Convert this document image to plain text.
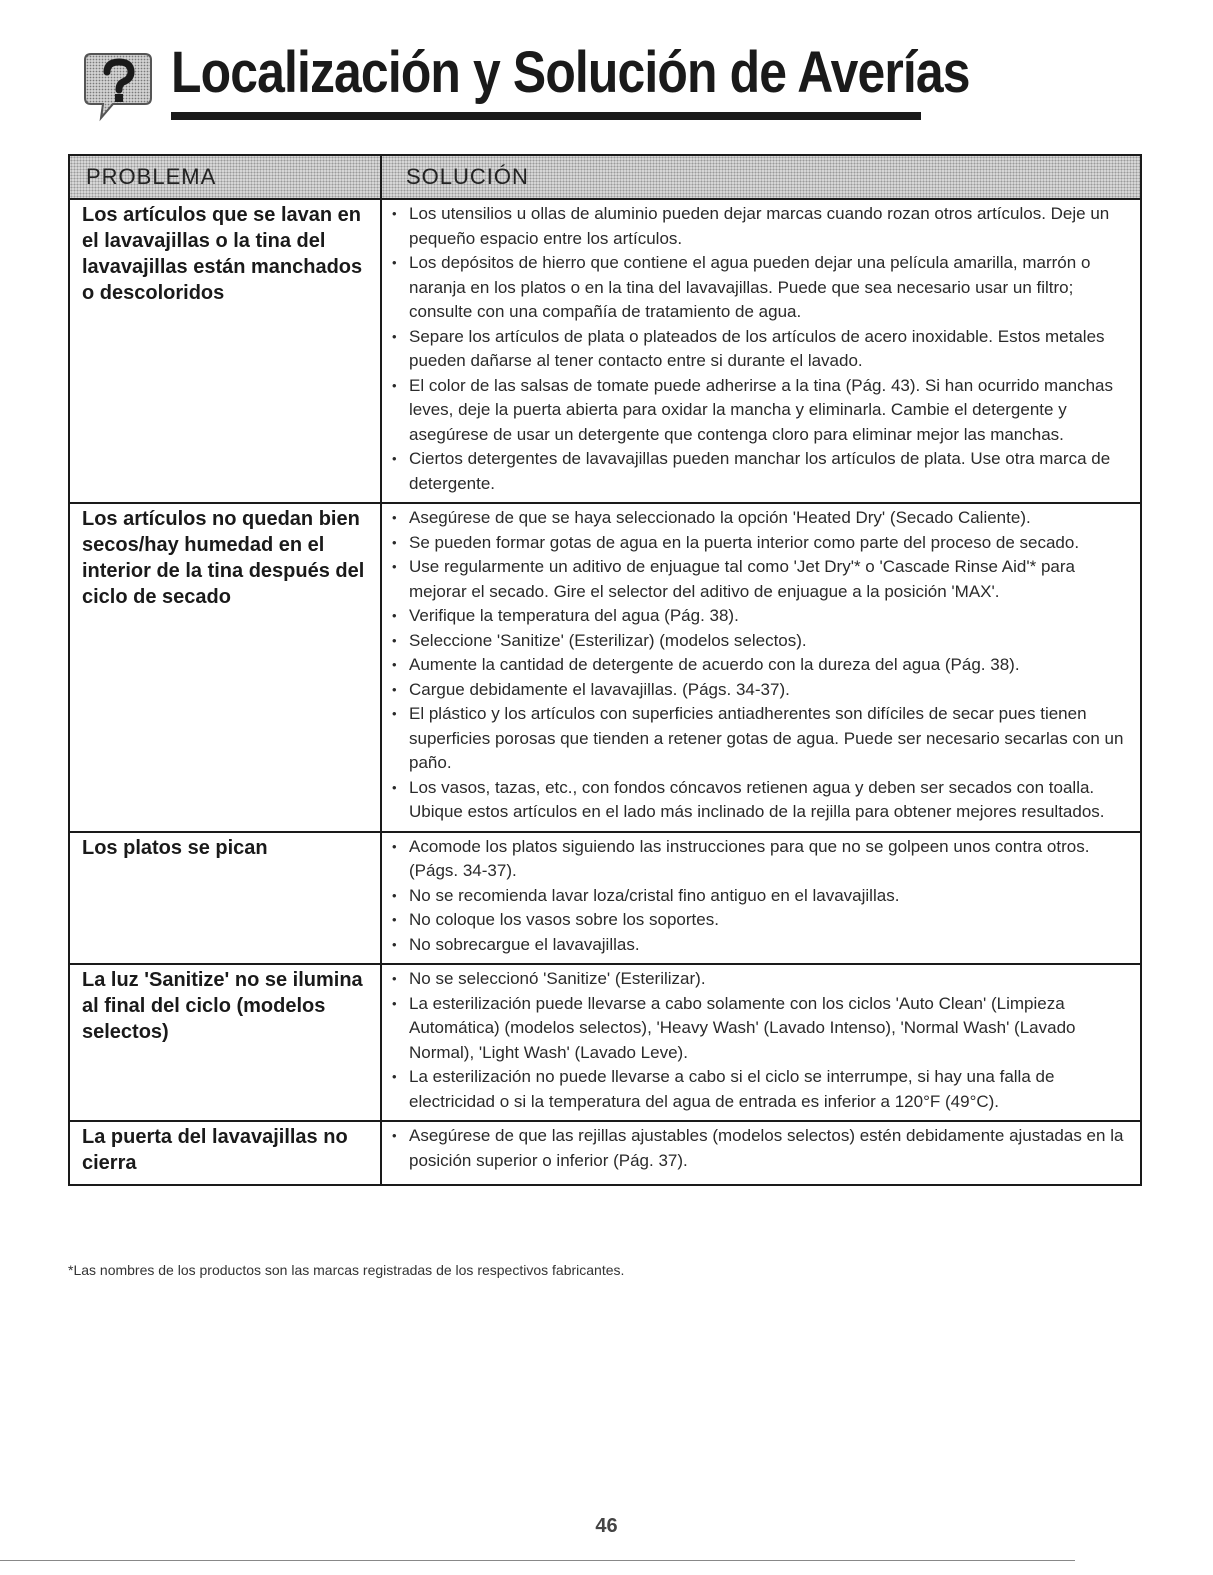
Localización y Solución de Averías
PROBLEMA	SOLUCIÓN
Los artículos que se lavan en el lavavajillas o la tina del lavavajillas están manchados o descoloridos
• Los utensilios u ollas de aluminio pueden dejar marcas cuando rozan otros artículos. Deje un pequeño espacio entre los artículos.
• Los depósitos de hierro que contiene el agua pueden dejar una película amarilla, marrón o naranja en los platos o en la tina del lavavajillas. Puede que sea necesario usar un filtro; consulte con una compañía de tratamiento de agua.
• Separe los artículos de plata o plateados de los artículos de acero inoxidable. Estos metales pueden dañarse al tener contacto entre si durante el lavado.
• El color de las salsas de tomate puede adherirse a la tina (Pág. 43). Si han ocurrido manchas leves, deje la puerta abierta para oxidar la mancha y eliminarla. Cambie el detergente y asegúrese de usar un detergente que contenga cloro para eliminar mejor las manchas.
• Ciertos detergentes de lavavajillas pueden manchar los artículos de plata. Use otra marca de detergente.
Los artículos no quedan bien secos/hay humedad en el interior de la tina después del ciclo de secado
• Asegúrese de que se haya seleccionado la opción 'Heated Dry' (Secado Caliente).
• Se pueden formar gotas de agua en la puerta interior como parte del proceso de secado.
• Use regularmente un aditivo de enjuague tal como 'Jet Dry'* o 'Cascade Rinse Aid'* para mejorar el secado. Gire el selector del aditivo de enjuague a la posición 'MAX'.
• Verifique la temperatura del agua (Pág. 38).
• Seleccione 'Sanitize' (Esterilizar) (modelos selectos).
• Aumente la cantidad de detergente de acuerdo con la dureza del agua (Pág. 38).
• Cargue debidamente el lavavajillas. (Págs. 34-37).
• El plástico y los artículos con superficies antiadherentes son difíciles de secar pues tienen superficies porosas que tienden a retener gotas de agua. Puede ser necesario secarlas con un paño.
• Los vasos, tazas, etc., con fondos cóncavos retienen agua y deben ser secados con toalla. Ubique estos artículos en el lado más inclinado de la rejilla para obtener mejores resultados.
Los platos se pican
•	Acomode los platos siguiendo las instrucciones para que no se golpeen unos contra otros. (Págs. 34-37).
• No se recomienda lavar loza/cristal fino antiguo en el lavavajillas.
• No coloque los vasos sobre los soportes.
• No sobrecargue el lavavajillas.
La luz 'Sanitize' no se ilumina al final del ciclo (modelos selectos)
• No se seleccionó 'Sanitize' (Esterilizar).
• La esterilización puede llevarse a cabo solamente con los ciclos 'Auto Clean' (Limpieza Automática) (modelos selectos), 'Heavy Wash' (Lavado Intenso), 'Normal Wash' (Lavado Normal), 'Light Wash' (Lavado Leve).
• La esterilización no puede llevarse a cabo si el ciclo se interrumpe, si hay una falla de electricidad o si la temperatura del agua de entrada es inferior a 120°F (49°C).
La puerta del lavavajillas no cierra
• Asegúrese de que las rejillas ajustables (modelos selectos) estén debidamente ajustadas en la posición superior o inferior (Pág. 37).
*Las nombres de los productos son las marcas registradas de los respectivos fabricantes.
46
